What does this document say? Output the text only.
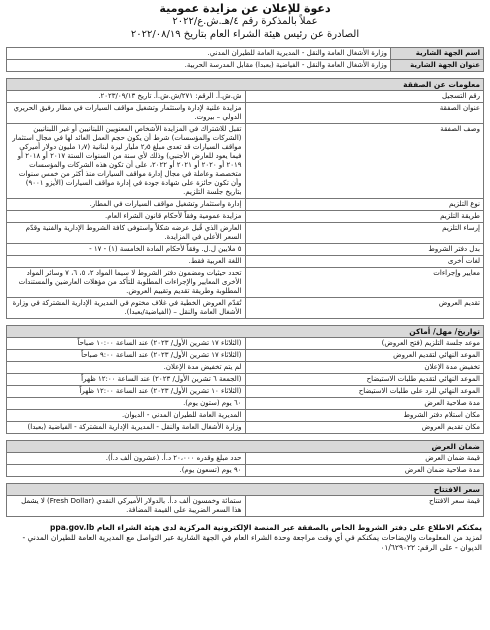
دعوة للإعلان عن مزايدة عمومية
عملاً بالمذكرة رقم ٤/هـ.ش.ع/٢٠٢٢
الصادرة عن رئيس هيئة الشراء العام بتاريخ ٢٠٢٢/٠٨/١٩
اسم الجهة الشارية	وزارة الأشغال العامة والنقل - المديرية العامة للطيران المدني.
عنوان الجهة الشارية	وزارة الأشغال العامة والنقل - الفياضية (بعبدا) مقابل المدرسة الحربية.
معلومات عن الصفقة	
رقم التسجيل	ش.ش.أ. الرقم: ٢٧١/ش.ش.أ. تاريخ ٢٠٢٣/٠٩/١٣.
عنوان الصفقة	مزايدة علنية لإدارة واستثمار وتشغيل مواقف السيارات في مطار رفيق الحريري الدولي – بيروت.
وصف الصفقة	تقبل للاشتراك في المزايدة الأشخاص المعنويين اللبنانيين أو غير اللبنانيين (الشركات والمؤسسات) شرط أن يكون حجم العمل العائد لها في مجال استثمار مواقف السيارات قد تعدى مبلغ ٢٫٥ مليار ليرة لبنانية (١٫٧ مليون دولار أميركي فيما يعود للعارض الأجنبي) وذلك لأي سنة من السنوات الستة ٢٠١٧ أو ٢٠١٨ أو ٢٠١٩ أو ٢٠٢٠ أو ٢٠٢١ أو ٢٠٢٢، على أن تكون هذه الشركات والمؤسسات متخصصة وعاملة في مجال إدارة مواقف السيارات منذ أكثر من خمس سنوات وأن تكون حائزة على شهادة جودة في إدارة مواقف السيارات (الأيزو ٩٠٠١) بتاريخ جلسة التلزيم.
نوع التلزيم	إدارة واستثمار وتشغيل مواقف السيارات في المطار.
طريقة التلزيم	مزايدة عمومية وفقاً لأحكام قانون الشراء العام.
إرساء التلزيم	العارض الذي قُبل عرضه شكلاً واستوفى كافة الشروط الإدارية والفنية وقدّم السعر الأعلى في المزايدة.
بدل دفتر الشروط	٥ ملايين ل.ل. وفقاً لأحكام المادة الخامسة (١) - ١٧ -
لغات أخرى	اللغة العربية فقط.
معايير وإجراءات	تحدد حيثيات ومضمون دفتر الشروط لا سيما المواد ٢، ٥، ٦، ٧ وسائر المواد الأخرى المعايير والإجراءات المطلوبة للتأكد من مؤهلات العارضين والمستندات المطلوبة وطريقة تقديم وتقييم العروض.
تقديم العروض	تُقدّم العروض الخطية في غلاف مختوم في المديرية الإدارية المشتركة في وزارة الأشغال العامة والنقل – (الفياضية/بعبدا).
تواريخ/ مهل/ أماكن	
موعد جلسة التلزيم (فتح العروض)	(الثلاثاء ١٧ تشرين الأول/ ٢٠٢٣) عند الساعة ١٠:٠٠ صباحاً
الموعد النهائي لتقديم العروض	(الثلاثاء ١٧ تشرين الأول/ ٢٠٢٣) عند الساعة ٩:٠٠ صباحاً
تخفيض مدة الإعلان	لم يتم تخفيض مدة الإعلان.
الموعد النهائي لتقديم طلبات الاستيضاح	(الجمعة ٦ تشرين الأول/ ٢٠٢٣) عند الساعة ١٢:٠٠ ظهراً
الموعد النهائي للرد على طلبات الاستيضاح	(الثلاثاء ١٠ تشرين الأول/ ٢٠٢٣) عند الساعة ١٢:٠٠ ظهراً
مدة صلاحية العرض	٦٠ يوم (ستون يوم).
مكان استلام دفتر الشروط	المديرية العامة للطيران المدني - الديوان.
مكان تقديم العروض	وزارة الأشغال العامة والنقل - المديرية الإدارية المشتركة - الفياضية (بعبدا)
ضمان العرض	
قيمة ضمان العرض	حدد مبلغ وقدره ٢٠،٠٠٠ د.أ. (عشرون ألف د.أ).
مدة صلاحية ضمان العرض	٩٠ يوم (تسعون يوم).
سعر الافتتاح
قيمة سعر الافتتاح	ستمائة وخمسون ألف د.أ. بالدولار الأميركي النقدي (Fresh Dollar) لا يشمل هذا السعر الضريبة على القيمة المضافة.
يمكنكم الاطلاع على دفتر الشروط الخاص بالصفقة عبر المنصة الإلكترونية المركزية لدى هيئة الشراء العام ppa.gov.lb
لمزيد من المعلومات والإيضاحات يمكنكم في أي وقت مراجعة وحدة الشراء العام في الجهة الشارية عبر التواصل مع المديرية العامة للطيران المدني - الديوان - على الرقم: ٠١/٦٢٩٠٢٢
